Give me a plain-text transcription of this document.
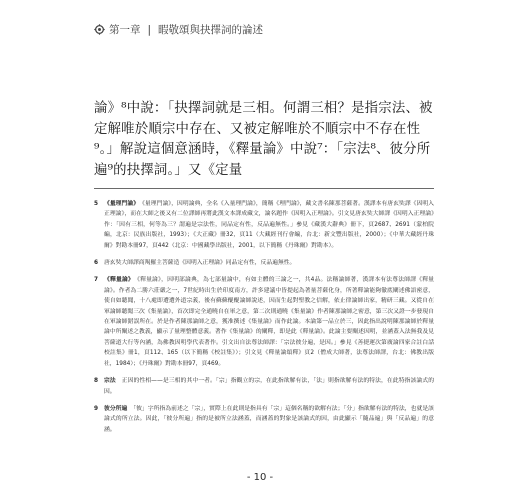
第一章 | 暇敬頌與抉擇詞的論述

論》⁸中說：「抉擇詞就是三相。何謂三相？是指宗法、被定解唯於順宗中存在、又被定解唯於不順宗中不存在性⁹。」解說這個意涵時，《釋量論》中說⁷：「宗法⁸、彼分所遍⁹的抉擇詞。」又《定量

5	《量理門論》　 《量理門論》，因明論典，全名《入量理門論》，簡稱《理門論》，藏文書名陳那菩薩著。漢譯本有唐玄奘譯《因明入正理論》，而在大師之後又有二位譯師再將此漢文本譯成藏文，論名題作《因明入正理論》。引文見唐玄奘大師譯《因明入正理論》作：「因有三相，何等為三？謂遍是宗法性，同品定有性，反品遍無性。」參見《藏漢大辭典》冊下，頁2687、2691（蒙柏院編，北京：民族出版社，1993）；《大正藏》冊32，頁11（大藏經刊行會編，台北：新文豐出版社，2000）；《中華大藏經丹珠爾》對勘本冊97，頁442（北京：中國藏學出版社，2001，以下簡稱《丹珠爾》對勘本）。
6	唐玄奘大師譯商羯羅主菩薩造《因明入正理論》同品定有性，反品遍無性。
7	《釋量論》　 《釋量論》，因明部論典，為七部量論中，有如主體的三論之一，共4品。法稱論師著，漢譯本有法尊法師譯《釋量論》。作者為二勝六莊嚴之一，7世紀時出生於印度南方，許多建議中皆提起為著量菩薩化身，所著釋論能夠徹底闡述佛語密意，使自如聽聞，十八處即遭遭外道宗義，後有蘇蘇醍醍論師說述，因而生起對聖教之信解，依止律論師出家，精研三藏。又從自在軍論師聽聞三次《集量論》，首次即完全通曉自在軍之意，第二次則通曉《集量論》作者陳那論師之密意，第三次又證一步發現自在軍論師錯誤所在。於是作者陳那論師之意，獲准撰述《集量論》而作此論。本論第一品立於三，因此指出說明陳那論師於釋量論中所闡述之教義，顯示了量理整體意義。著作《集量論》的闡釋，即是此《釋量論》。此論主要闡述因明，並涵蓋入法無我及見菩薩道大行等內涵，為佛教因明學代表著作。引文出自法尊法師譯：「宗法彼分遍，是因。」參見《善捷運次第廣論四家合註白話校註集》冊1，頁112、165（以下簡稱《校註集》）；引文見《釋量論頌釋》頁2（僧成大師著，法尊法師譯，台北：佛教出版社，1984）；《丹珠爾》對勘本冊97，頁469。
8	宗法　 正因的性相——是三相的其中一者。「宗」指觀立的宗，在此指欲解有法，「法」則指欲解有法的特法，在此特指該論式的因。
9	彼分所遍　 「彼」字所指為前述之「宗」，實際上在此則是指具有「宗」這個名稱的欲解有法；「分」指欲解有法的特法，也就是該論式的所立法。因此，「彼分所遍」指的是被所立法涵蓋，而涵蓋的對象是該論式的因，由此顯示「隨品遍」與「反品遍」的意涵。
- 10 -
